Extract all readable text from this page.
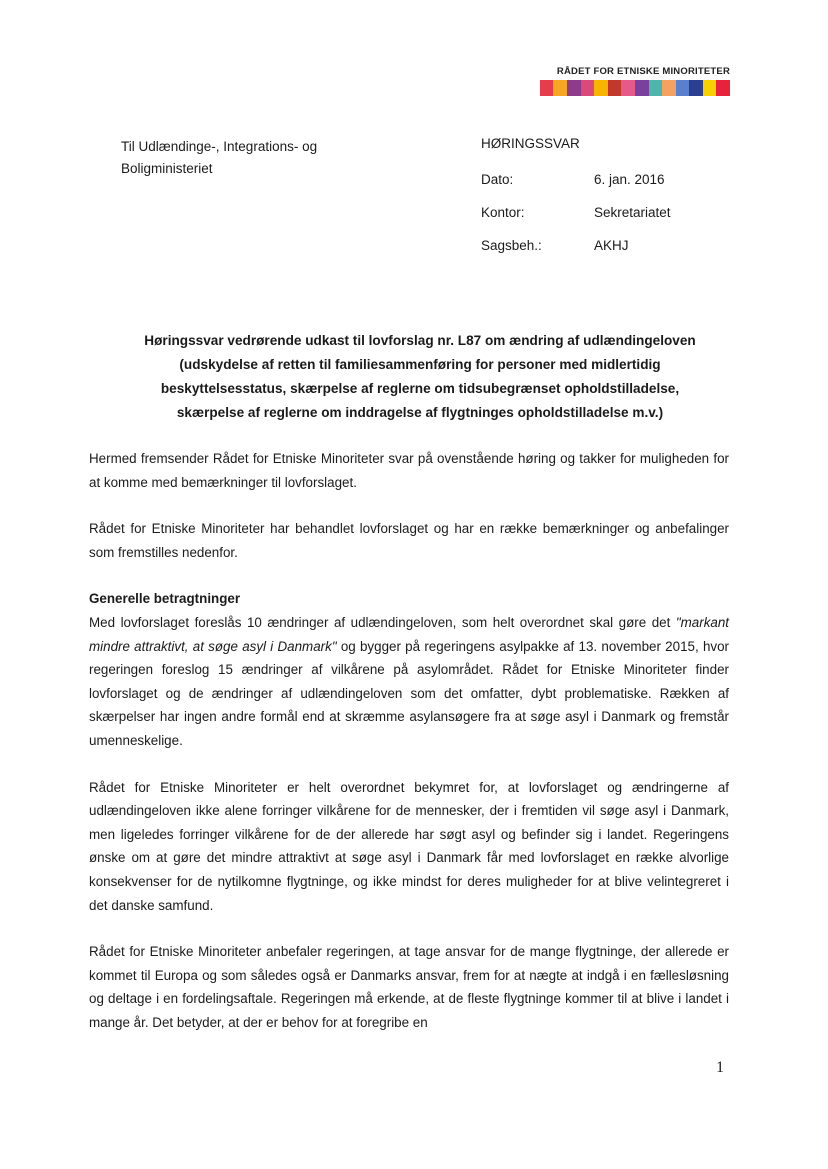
RÅDET FOR ETNISKE MINORITETER
Til Udlændinge-, Integrations- og
Boligministeriet
HØRINGSSVAR
Dato:	6. jan. 2016
Kontor:	Sekretariatet
Sagsbeh.:	AKHJ
Høringssvar vedrørende udkast til lovforslag nr. L87 om ændring af udlændingeloven
(udskydelse af retten til familiesammenføring for personer med midlertidig
beskyttelsesstatus, skærpelse af reglerne om tidsubegrænset opholdstilladelse,
skærpelse af reglerne om inddragelse af flygtninges opholdstilladelse m.v.)

Hermed fremsender Rådet for Etniske Minoriteter svar på ovenstående høring og takker for muligheden for at komme med bemærkninger til lovforslaget.

Rådet for Etniske Minoriteter har behandlet lovforslaget og har en række bemærkninger og anbefalinger som fremstilles nedenfor.

Generelle betragtninger

Med lovforslaget foreslås 10 ændringer af udlændingeloven, som helt overordnet skal gøre det "markant mindre attraktivt, at søge asyl i Danmark" og bygger på regeringens asylpakke af 13. november 2015, hvor regeringen foreslog 15 ændringer af vilkårene på asylområdet. Rådet for Etniske Minoriteter finder lovforslaget og de ændringer af udlændingeloven som det omfatter, dybt problematiske. Rækken af skærpelser har ingen andre formål end at skræmme asylansøgere fra at søge asyl i Danmark og fremstår umenneskelige.

Rådet for Etniske Minoriteter er helt overordnet bekymret for, at lovforslaget og ændringerne af udlændingeloven ikke alene forringer vilkårene for de mennesker, der i fremtiden vil søge asyl i Danmark, men ligeledes forringer vilkårene for de der allerede har søgt asyl og befinder sig i landet. Regeringens ønske om at gøre det mindre attraktivt at søge asyl i Danmark får med lovforslaget en række alvorlige konsekvenser for de nytilkomne flygtninge, og ikke mindst for deres muligheder for at blive velintegreret i det danske samfund.

Rådet for Etniske Minoriteter anbefaler regeringen, at tage ansvar for de mange flygtninge, der allerede er kommet til Europa og som således også er Danmarks ansvar, frem for at nægte at indgå i en fællesløsning og deltage i en fordelingsaftale. Regeringen må erkende, at de fleste flygtninge kommer til at blive i landet i mange år. Det betyder, at der er behov for at foregribe en

1
